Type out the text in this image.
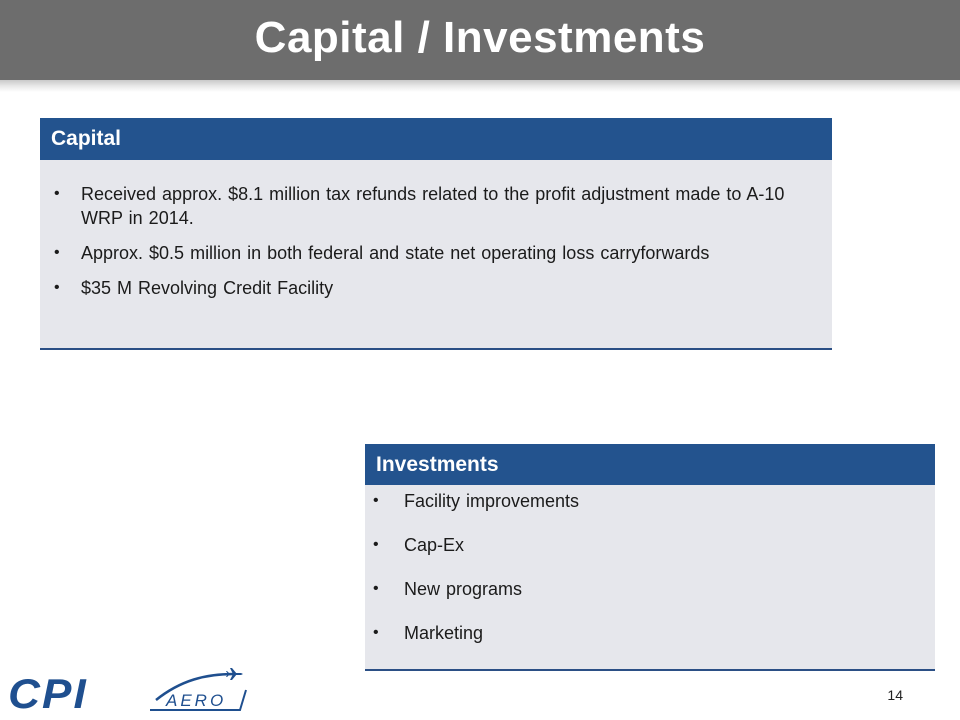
Capital / Investments
Capital
• Received approx. $8.1 million tax refunds related to the profit adjustment made to A-10 WRP in 2014.
• Approx. $0.5 million in both federal and state net operating loss carryforwards
• $35 M Revolving Credit Facility
Investments
• Facility improvements
• Cap-Ex
• New programs
• Marketing
CPI	AERO	14
